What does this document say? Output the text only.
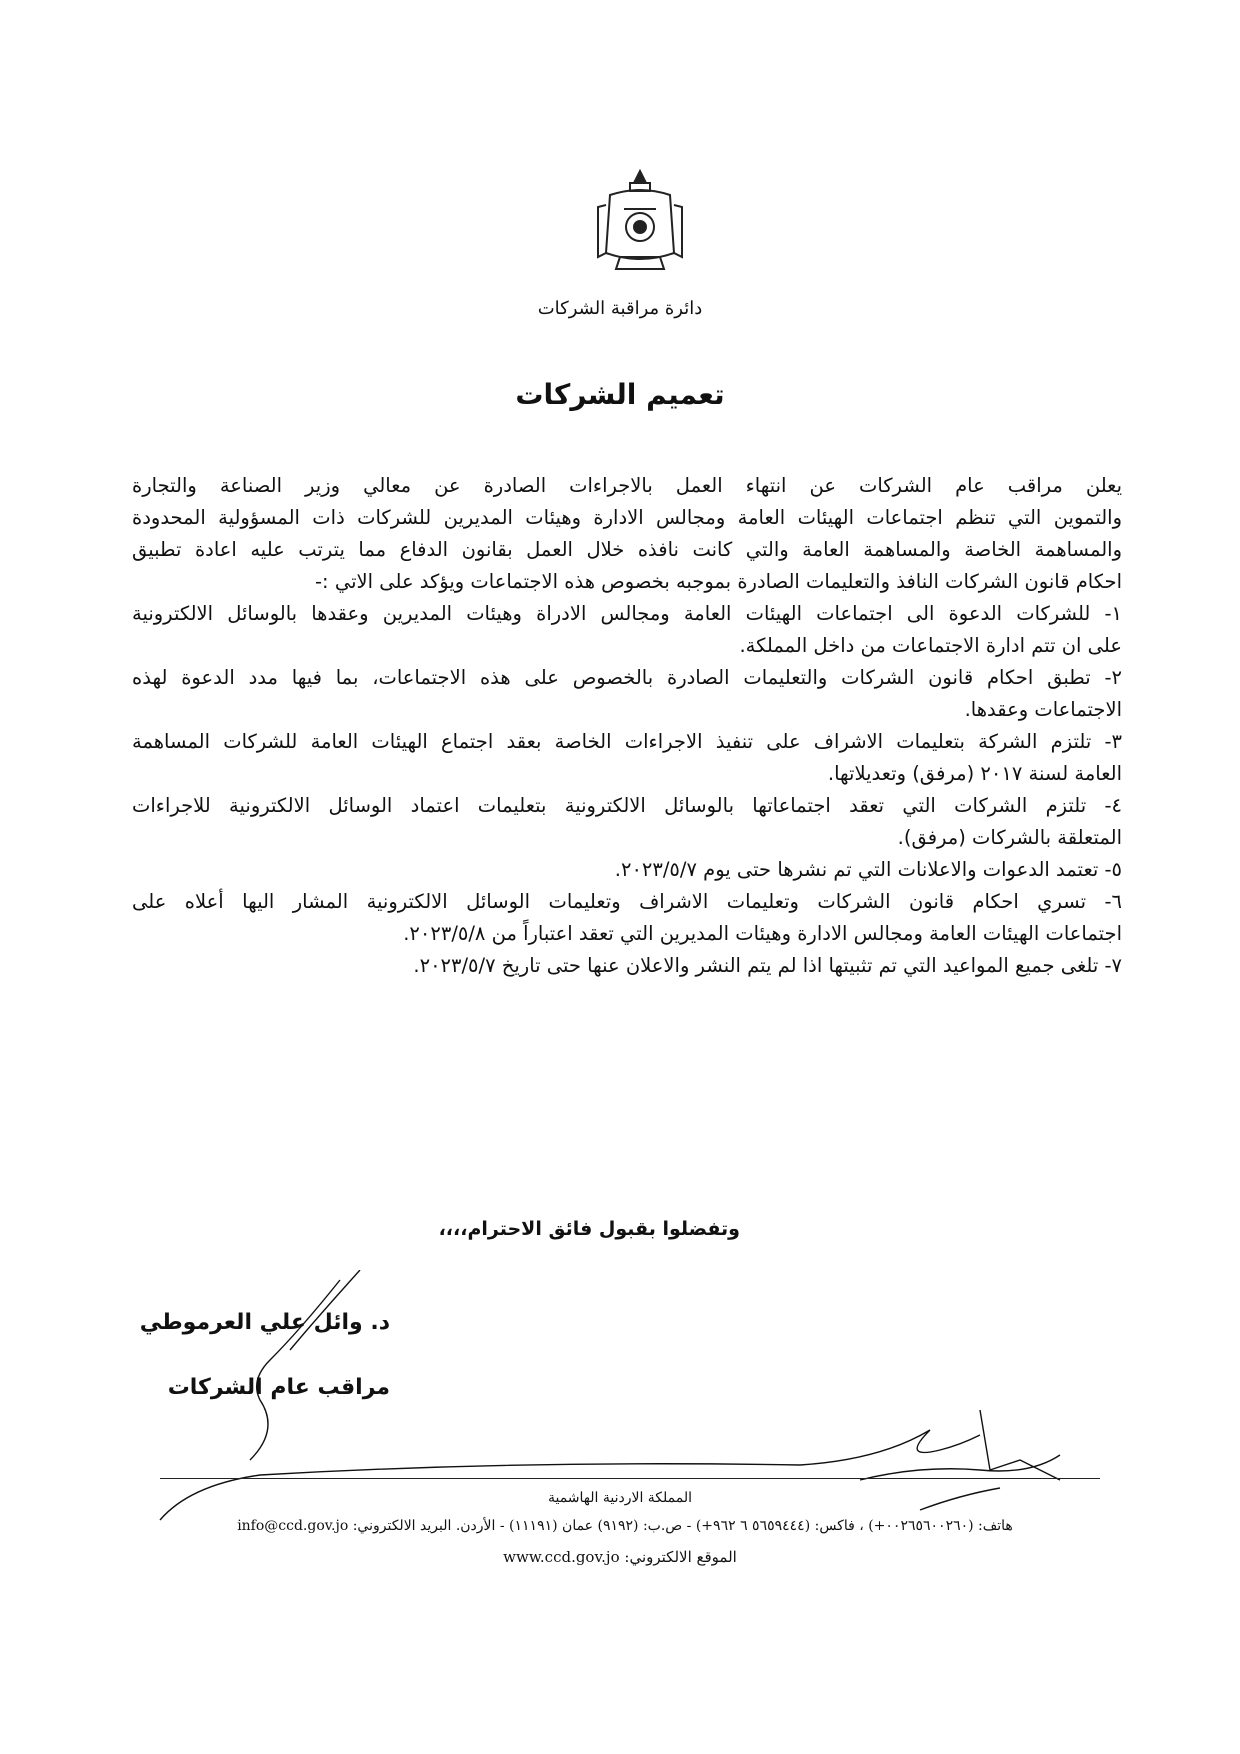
دائرة مراقبة الشركات
تعميم الشركات
يعلن مراقب عام الشركات عن انتهاء العمل بالاجراءات الصادرة عن معالي وزير الصناعة والتجارة
والتموين التي تنظم اجتماعات الهيئات العامة ومجالس الادارة وهيئات المديرين للشركات ذات المسؤولية المحدودة
والمساهمة الخاصة والمساهمة العامة والتي كانت نافذه خلال العمل بقانون الدفاع مما يترتب عليه اعادة تطبيق
احكام قانون الشركات النافذ والتعليمات الصادرة بموجبه بخصوص هذه الاجتماعات ويؤكد على الاتي :-
١- للشركات الدعوة الى اجتماعات الهيئات العامة ومجالس الادراة وهيئات المديرين وعقدها بالوسائل الالكترونية
على ان تتم ادارة الاجتماعات من داخل المملكة.
٢- تطبق احكام قانون الشركات والتعليمات الصادرة بالخصوص على هذه الاجتماعات، بما فيها مدد الدعوة لهذه
الاجتماعات وعقدها.
٣- تلتزم الشركة بتعليمات الاشراف على تنفيذ الاجراءات الخاصة بعقد اجتماع الهيئات العامة للشركات المساهمة
العامة لسنة ٢٠١٧ (مرفق) وتعديلاتها.
٤- تلتزم الشركات التي تعقد اجتماعاتها بالوسائل الالكترونية بتعليمات اعتماد الوسائل الالكترونية للاجراءات
المتعلقة بالشركات (مرفق).
٥- تعتمد الدعوات والاعلانات التي تم نشرها حتى يوم ٢٠٢٣/٥/٧.
٦- تسري احكام قانون الشركات وتعليمات الاشراف وتعليمات الوسائل الالكترونية المشار اليها أعلاه على
اجتماعات الهيئات العامة ومجالس الادارة وهيئات المديرين التي تعقد اعتباراً من ٢٠٢٣/٥/٨.
٧- تلغى جميع المواعيد التي تم تثبيتها اذا لم يتم النشر والاعلان عنها حتى تاريخ ٢٠٢٣/٥/٧.
وتفضلوا بقبول فائق الاحترام،،،،
د. وائل علي العرموطي
مراقب عام الشركات
المملكة الاردنية الهاشمية
هاتف: (٠٠٢٦٥٦٠٠٢٦٠+) ، فاكس: (٥٦٥٩٤٤٤ ٦ ٩٦٢+) - ص.ب: (٩١٩٢) عمان (١١١٩١) - الأردن. البريد الالكتروني: info@ccd.gov.jo
الموقع الالكتروني: www.ccd.gov.jo
